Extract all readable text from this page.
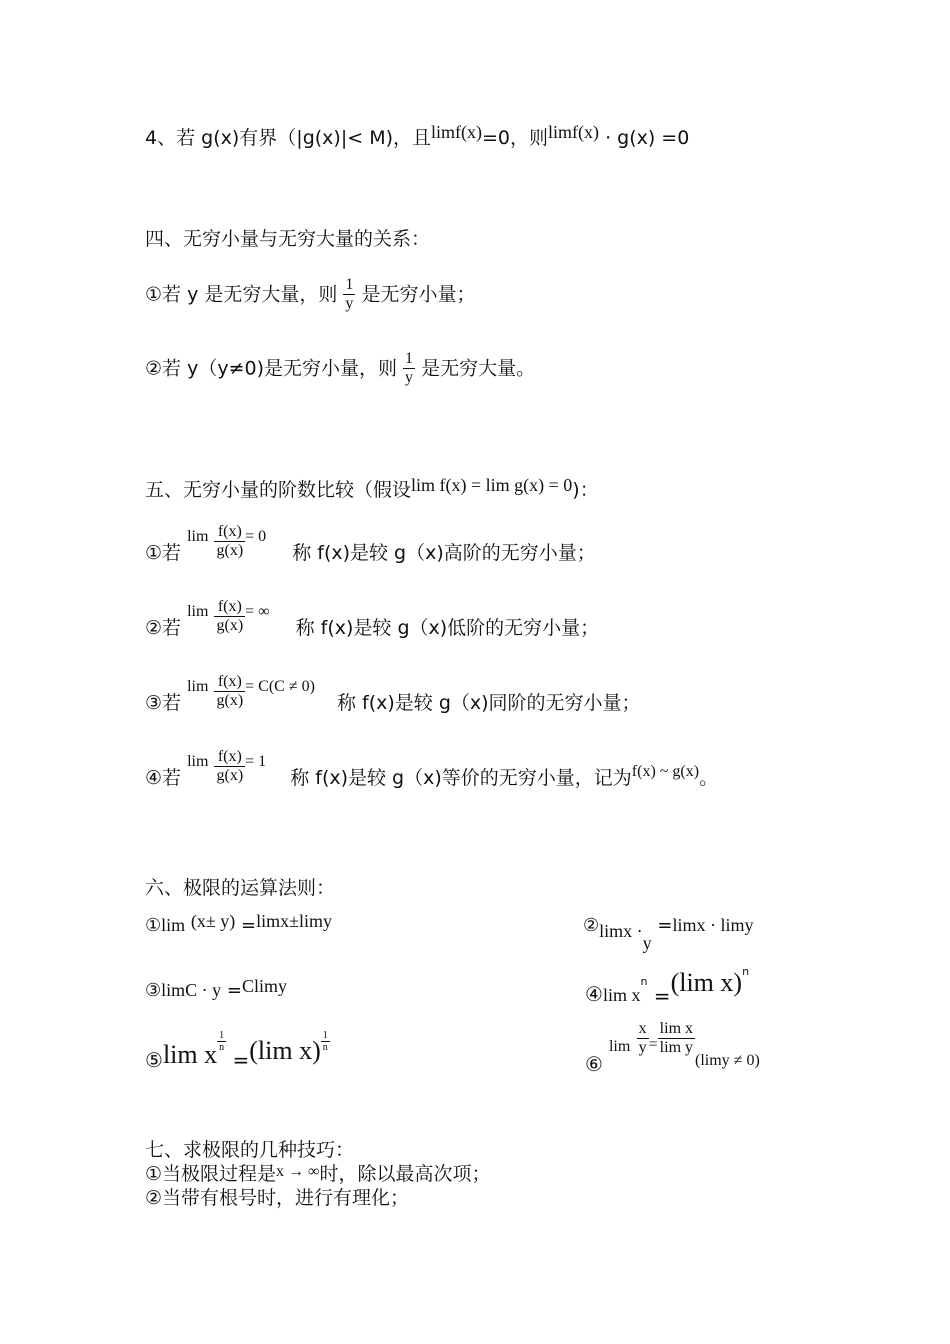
4、若 g(x)有界（|g(x)|< M)，且limf(x)=0，则limf(x) · g(x) =0
四、无穷小量与无穷大量的关系：
①若 y 是无穷大量，则 $\frac{1}{y}$ 是无穷小量；
②若 y（y≠0)是无穷小量，则 $\frac{1}{y}$ 是无穷大量。
五、无穷小量的阶数比较（假设lim f(x) = lim g(x) = 0)：
①若 $\lim \frac{f(x)}{g(x)} = 0$ 称 f(x)是较 g（x)高阶的无穷小量；
②若 $\lim \frac{f(x)}{g(x)}$ = ∞ 称 f(x)是较 g（x)低阶的无穷小量；
③若 $\lim \frac{f(x)}{g(x)} = C(C \ne 0)$ 称 f(x)是较 g（x)同阶的无穷小量；
④若 $\lim \frac{f(x)}{g(x)} = 1$ 称 f(x)是较 g（x)等价的无穷小量，记为$_{f(x) \sim g(x)}$。
六、极限的运算法则：
①lim (x± y) =limx±limy	②limx ·y =limx · limy
③limC · y =Climy	④lim $x^n =(\lim$ x)$^n$
⑤lim x $\frac{1}{n}$
=(lim $x) \frac{1}{n}$
$⑥_{lim} \frac{x}{y} _= \frac{\text{lim x}}{\text{lim y}}$
$_{(limy \ne 0)}$
七、求极限的几种技巧：
①当极限过程是$^{x \to \infty}$时，除以最高次项；
②当带有根号时，进行有理化；
